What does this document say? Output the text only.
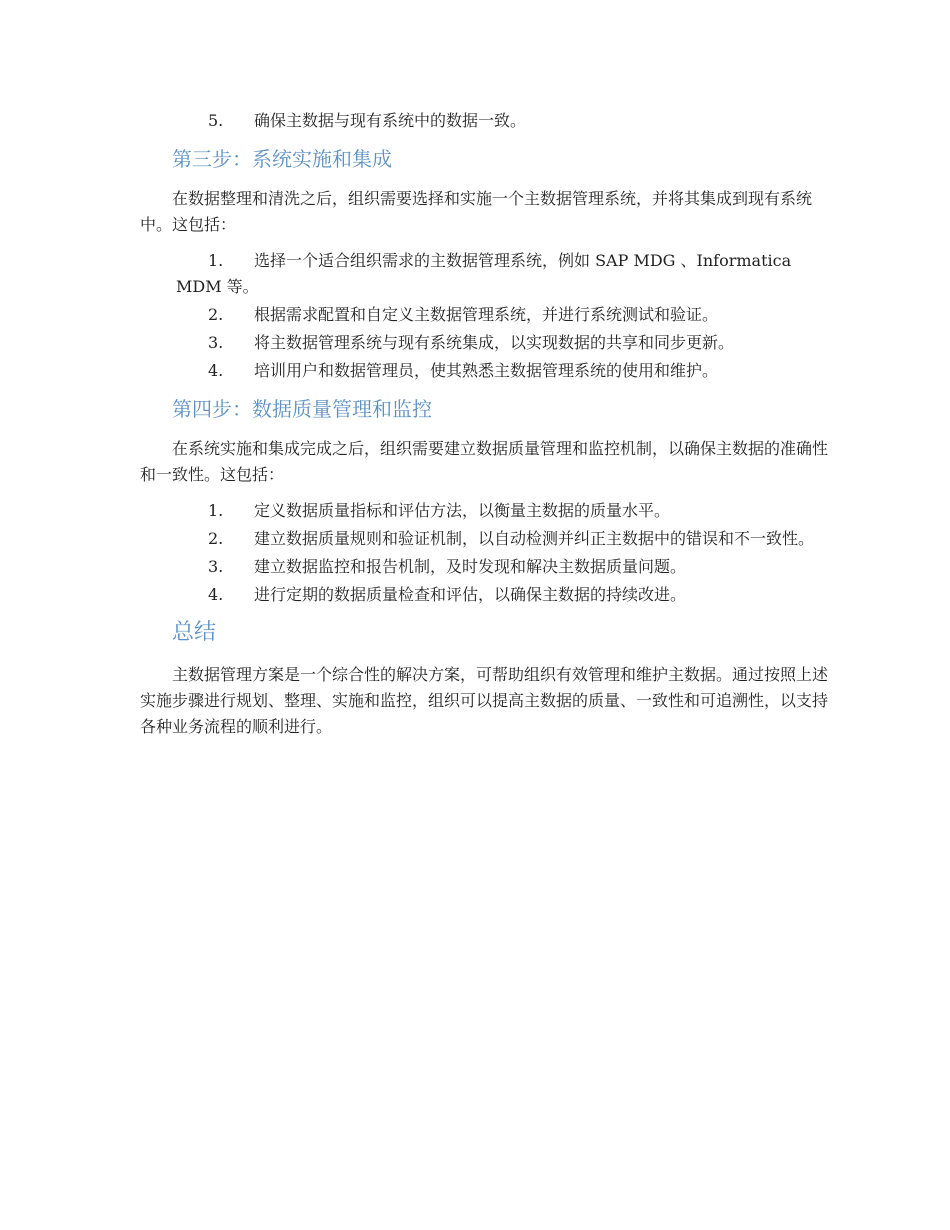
5. 确保主数据与现有系统中的数据一致。
第三步：系统实施和集成

在数据整理和清洗之后，组织需要选择和实施一个主数据管理系统，并将其集成到现有系统中。这包括：

1. 选择一个适合组织需求的主数据管理系统，例如 SAP MDG 、Informatica MDM 等。
2. 根据需求配置和自定义主数据管理系统，并进行系统测试和验证。
3. 将主数据管理系统与现有系统集成，以实现数据的共享和同步更新。
4. 培训用户和数据管理员，使其熟悉主数据管理系统的使用和维护。
第四步：数据质量管理和监控

在系统实施和集成完成之后，组织需要建立数据质量管理和监控机制，以确保主数据的准确性和一致性。这包括：

1. 定义数据质量指标和评估方法，以衡量主数据的质量水平。
2. 建立数据质量规则和验证机制，以自动检测并纠正主数据中的错误和不一致性。
3. 建立数据监控和报告机制，及时发现和解决主数据质量问题。
4. 进行定期的数据质量检查和评估，以确保主数据的持续改进。
总结

主数据管理方案是一个综合性的解决方案，可帮助组织有效管理和维护主数据。通过按照上述实施步骤进行规划、整理、实施和监控，组织可以提高主数据的质量、一致性和可追溯性，以支持各种业务流程的顺利进行。
